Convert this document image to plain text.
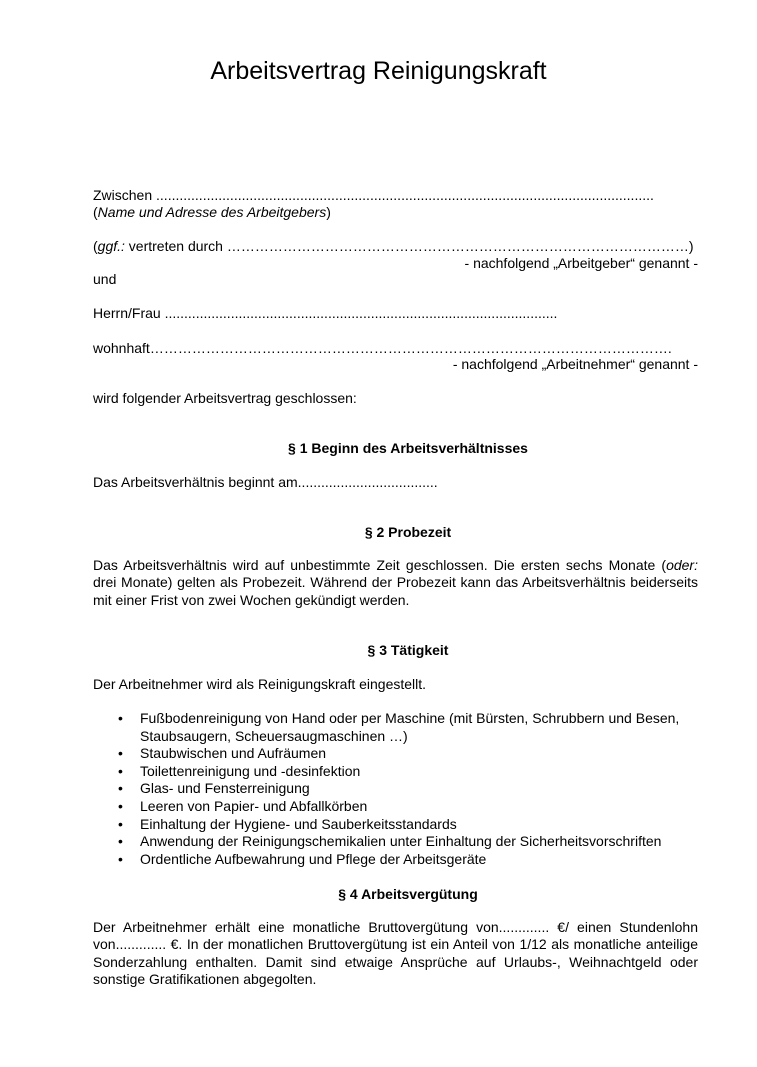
Arbeitsvertrag Reinigungskraft
Zwischen ................................................................................................................................
(Name und Adresse des Arbeitgebers)
(ggf.: vertreten durch ………………………………………………………………………………………)
- nachfolgend „Arbeitgeber“ genannt -
und
Herrn/Frau .....................................................................................................
wohnhaft………………………………………………………………………………………………….
- nachfolgend „Arbeitnehmer“ genannt -
wird folgender Arbeitsvertrag geschlossen:
§ 1 Beginn des Arbeitsverhältnisses
Das Arbeitsverhältnis beginnt am....................................
§ 2 Probezeit
Das Arbeitsverhältnis wird auf unbestimmte Zeit geschlossen. Die ersten sechs Monate (oder: drei Monate) gelten als Probezeit. Während der Probezeit kann das Arbeitsverhältnis beiderseits mit einer Frist von zwei Wochen gekündigt werden.
§ 3 Tätigkeit
Der Arbeitnehmer wird als Reinigungskraft eingestellt.
• Fußbodenreinigung von Hand oder per Maschine (mit Bürsten, Schrubbern und Besen, Staubsaugern, Scheuersaugmaschinen …)
• Staubwischen und Aufräumen
• Toilettenreinigung und -desinfektion
• Glas- und Fensterreinigung
• Leeren von Papier- und Abfallkörben
• Einhaltung der Hygiene- und Sauberkeitsstandards
• Anwendung der Reinigungschemikalien unter Einhaltung der Sicherheitsvorschriften
• Ordentliche Aufbewahrung und Pflege der Arbeitsgeräte
§ 4 Arbeitsvergütung
Der Arbeitnehmer erhält eine monatliche Bruttovergütung von............. €/ einen Stundenlohn von............. €. In der monatlichen Bruttovergütung ist ein Anteil von 1/12 als monatliche anteilige Sonderzahlung enthalten. Damit sind etwaige Ansprüche auf Urlaubs-, Weihnachtgeld oder sonstige Gratifikationen abgegolten.
